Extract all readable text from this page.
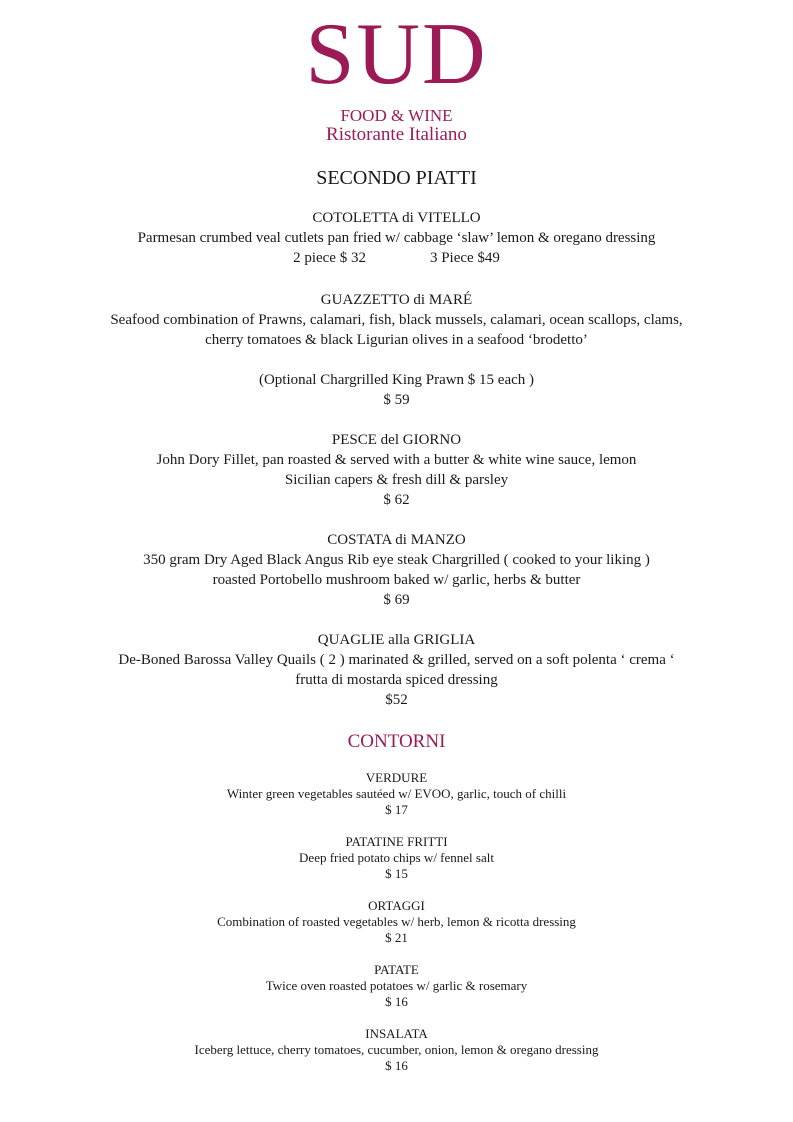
SUD
FOOD & WINE
Ristorante Italiano
SECONDO PIATTI
COTOLETTA di VITELLO
Parmesan crumbed veal cutlets pan fried w/ cabbage ‘slaw’ lemon & oregano dressing
2 piece $ 32	3 Piece $49
GUAZZETTO di MARÉ
Seafood combination of Prawns, calamari, fish, black mussels, calamari, ocean scallops, clams,
cherry tomatoes & black Ligurian olives in a seafood ‘brodetto’
(Optional Chargrilled King Prawn $ 15 each )
$ 59
PESCE del GIORNO
John Dory Fillet, pan roasted & served with a butter & white wine sauce, lemon
Sicilian capers & fresh dill & parsley
$ 62
COSTATA di MANZO
350 gram Dry Aged Black Angus Rib eye steak Chargrilled ( cooked to your liking )
roasted Portobello mushroom baked w/ garlic, herbs & butter
$ 69
QUAGLIE alla GRIGLIA
De-Boned Barossa Valley Quails ( 2 ) marinated & grilled, served on a soft polenta ‘ crema ‘
frutta di mostarda spiced dressing
$52
CONTORNI
VERDURE
Winter green vegetables sautéed w/ EVOO, garlic, touch of chilli
$ 17
PATATINE FRITTI
Deep fried potato chips w/ fennel salt
$ 15
ORTAGGI
Combination of roasted vegetables w/ herb, lemon & ricotta dressing
$ 21
PATATE
Twice oven roasted potatoes w/ garlic & rosemary
$ 16
INSALATA
Iceberg lettuce, cherry tomatoes, cucumber, onion, lemon & oregano dressing
$ 16
